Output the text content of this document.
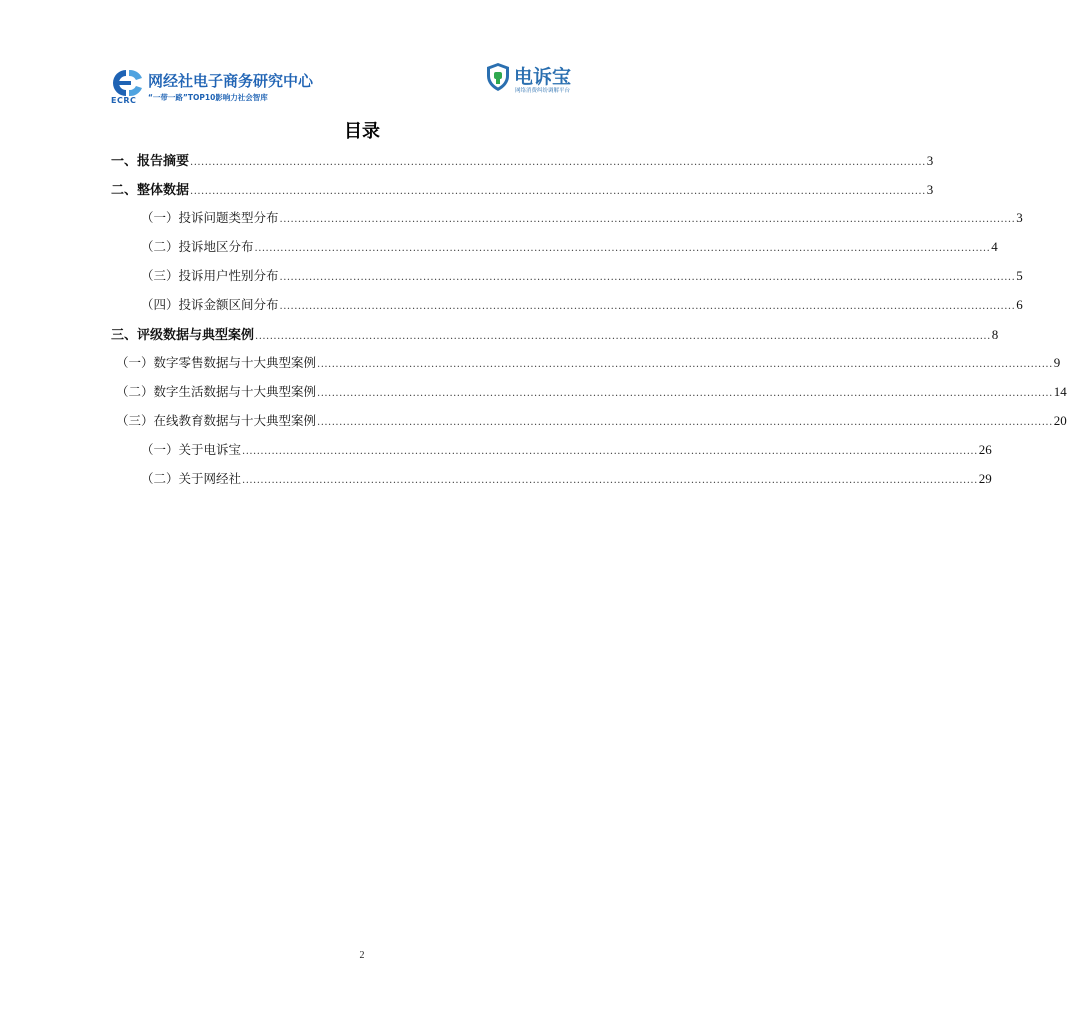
ECRC
网经社电子商务研究中心
“一带一路”TOP10影响力社会智库
电诉宝
网络消费纠纷调解平台
目录
一、报告摘要 ........................................................................................................................................................................................................ 3
二、整体数据 ........................................................................................................................................................................................................ 3
（一）投诉问题类型分布 ........................................................................................................................................................................................................ 3
（二）投诉地区分布 ........................................................................................................................................................................................................ 4
（三）投诉用户性别分布 ........................................................................................................................................................................................................ 5
（四）投诉金额区间分布 ........................................................................................................................................................................................................ 6
三、评级数据与典型案例 ........................................................................................................................................................................................................ 8
（一）数字零售数据与十大典型案例 ........................................................................................................................................................................................................ 9
（二）数字生活数据与十大典型案例 ........................................................................................................................................................................................................ 14
（三）在线教育数据与十大典型案例 ........................................................................................................................................................................................................ 20
（一）关于电诉宝 ........................................................................................................................................................................................................ 26
（二）关于网经社 ........................................................................................................................................................................................................ 29
2
